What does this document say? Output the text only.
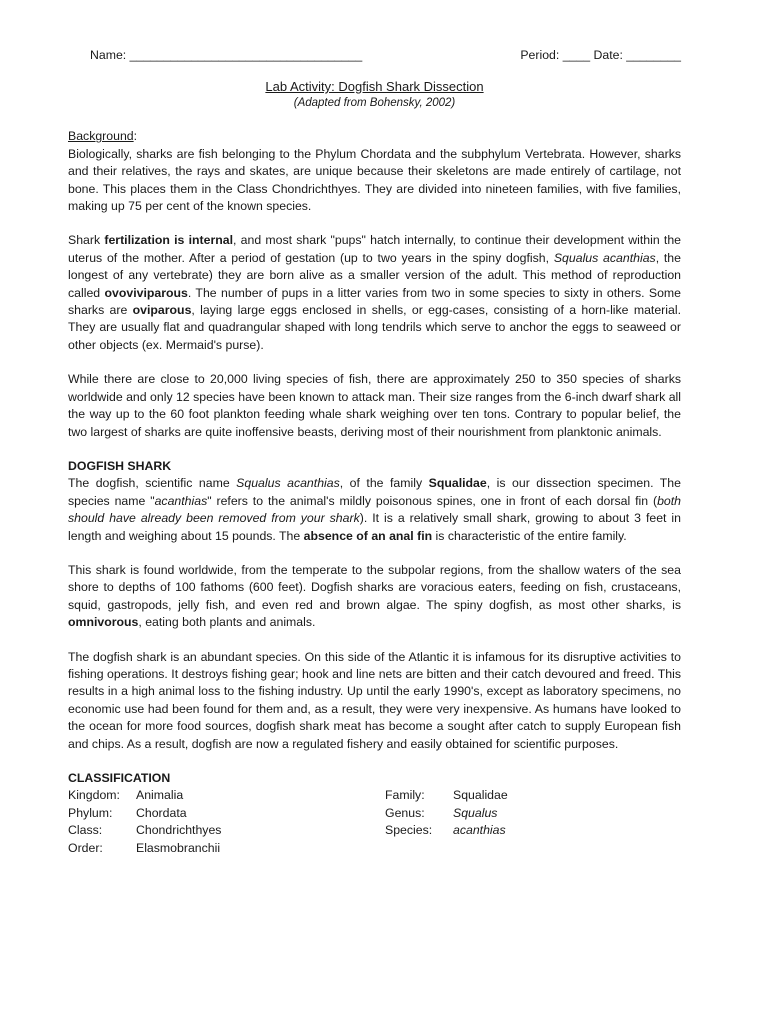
Name: __________________________________	Period: ____ Date: ________
Lab Activity: Dogfish Shark Dissection
(Adapted from Bohensky, 2002)
Background:

Biologically, sharks are fish belonging to the Phylum Chordata and the subphylum Vertebrata. However, sharks and their relatives, the rays and skates, are unique because their skeletons are made entirely of cartilage, not bone. This places them in the Class Chondrichthyes. They are divided into nineteen families, with five families, making up 75 per cent of the known species.

Shark fertilization is internal, and most shark "pups" hatch internally, to continue their development within the uterus of the mother. After a period of gestation (up to two years in the spiny dogfish, Squalus acanthias, the longest of any vertebrate) they are born alive as a smaller version of the adult. This method of reproduction called ovoviviparous. The number of pups in a litter varies from two in some species to sixty in others. Some sharks are oviparous, laying large eggs enclosed in shells, or egg-cases, consisting of a horn-like material. They are usually flat and quadrangular shaped with long tendrils which serve to anchor the eggs to seaweed or other objects (ex. Mermaid's purse).

While there are close to 20,000 living species of fish, there are approximately 250 to 350 species of sharks worldwide and only 12 species have been known to attack man. Their size ranges from the 6-inch dwarf shark all the way up to the 60 foot plankton feeding whale shark weighing over ten tons. Contrary to popular belief, the two largest of sharks are quite inoffensive beasts, deriving most of their nourishment from planktonic animals.

DOGFISH SHARK

The dogfish, scientific name Squalus acanthias, of the family Squalidae, is our dissection specimen. The species name "acanthias" refers to the animal's mildly poisonous spines, one in front of each dorsal fin (both should have already been removed from your shark). It is a relatively small shark, growing to about 3 feet in length and weighing about 15 pounds. The absence of an anal fin is characteristic of the entire family.

This shark is found worldwide, from the temperate to the subpolar regions, from the shallow waters of the sea shore to depths of 100 fathoms (600 feet). Dogfish sharks are voracious eaters, feeding on fish, crustaceans, squid, gastropods, jelly fish, and even red and brown algae. The spiny dogfish, as most other sharks, is omnivorous, eating both plants and animals.

The dogfish shark is an abundant species. On this side of the Atlantic it is infamous for its disruptive activities to fishing operations. It destroys fishing gear; hook and line nets are bitten and their catch devoured and freed. This results in a high animal loss to the fishing industry. Up until the early 1990's, except as laboratory specimens, no economic use had been found for them and, as a result, they were very inexpensive. As humans have looked to the ocean for more food sources, dogfish shark meat has become a sought after catch to supply European fish and chips. As a result, dogfish are now a regulated fishery and easily obtained for scientific purposes.

CLASSIFICATION
Kingdom: Animalia	Family: Squalidae
Phylum: Chordata	Genus: Squalus
Class:	Chondrichthyes	Species: acanthias
Order:	Elasmobranchii
